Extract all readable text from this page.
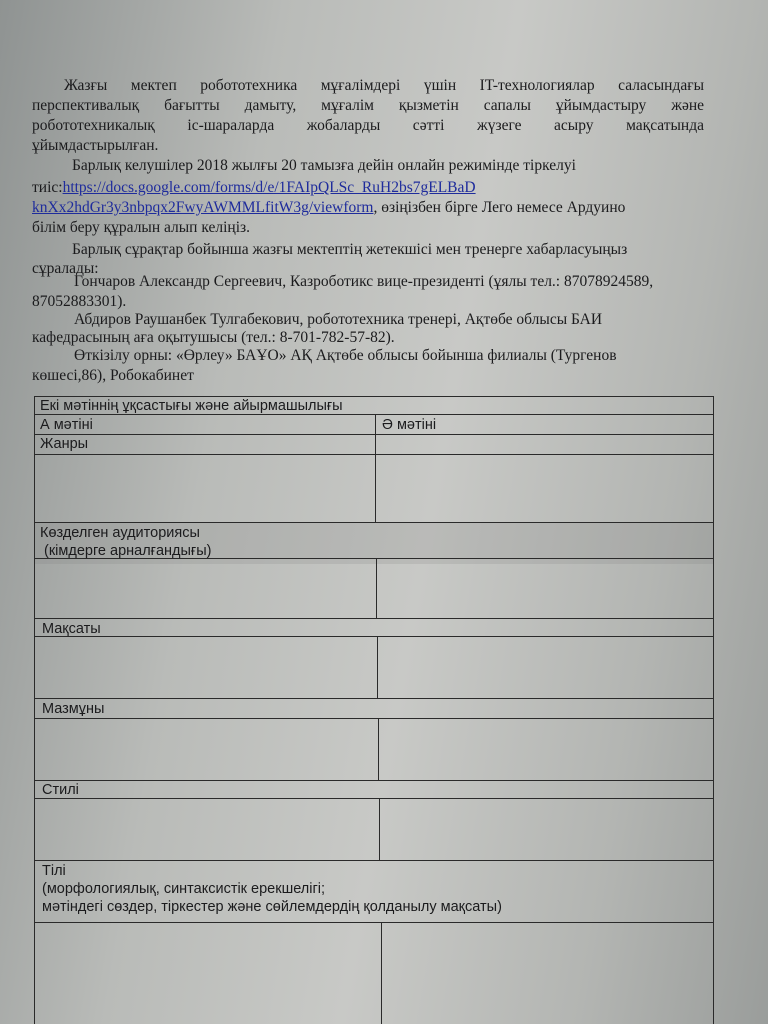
Жазғы мектеп робототехника мұғалімдері үшін IT-технологиялар саласындағы
перспективалық бағытты дамыту, мұғалім қызметін сапалы ұйымдастыру және
робототехникалық іс-шараларда жобаларды сәтті жүзеге асыру мақсатында
ұйымдастырылған.
Барлық келушілер 2018 жылғы 20 тамызға дейін онлайн режимінде тіркелуі
тиіс:https://docs.google.com/forms/d/e/1FAIpQLSc_RuH2bs7gELBaD
knXx2hdGr3y3nbpqx2FwyAWMMLfitW3g/viewform, өзіңізбен бірге Лего немесе Ардуино
білім беру құралын алып келіңіз.
Барлық сұрақтар бойынша жазғы мектептің жетекшісі мен тренерге хабарласуыңыз
сұралады:
Гончаров Александр Сергеевич, Казроботикс вице-президенті (ұялы тел.: 87078924589,
87052883301).
Абдиров Раушанбек Тулгабекович, робототехника тренері, Ақтөбе облысы БАИ
кафедрасының аға оқытушысы (тел.: 8-701-782-57-82).
Өткізілу орны: «Өрлеу» БАҰО» АҚ Ақтөбе облысы бойынша филиалы (Тургенов
көшесі,86), Робокабинет
Екі мәтіннің ұқсастығы және айырмашылығы
А мәтіні	Ә мәтіні
Жанры
Көзделген аудиториясы
(кімдерге арналғандығы)
Мақсаты
Мазмұны
Стилі
Тілі
(морфологиялық, синтаксистік ерекшелігі;
мәтіндегі сөздер, тіркестер және сөйлемдердің қолданылу мақсаты)
